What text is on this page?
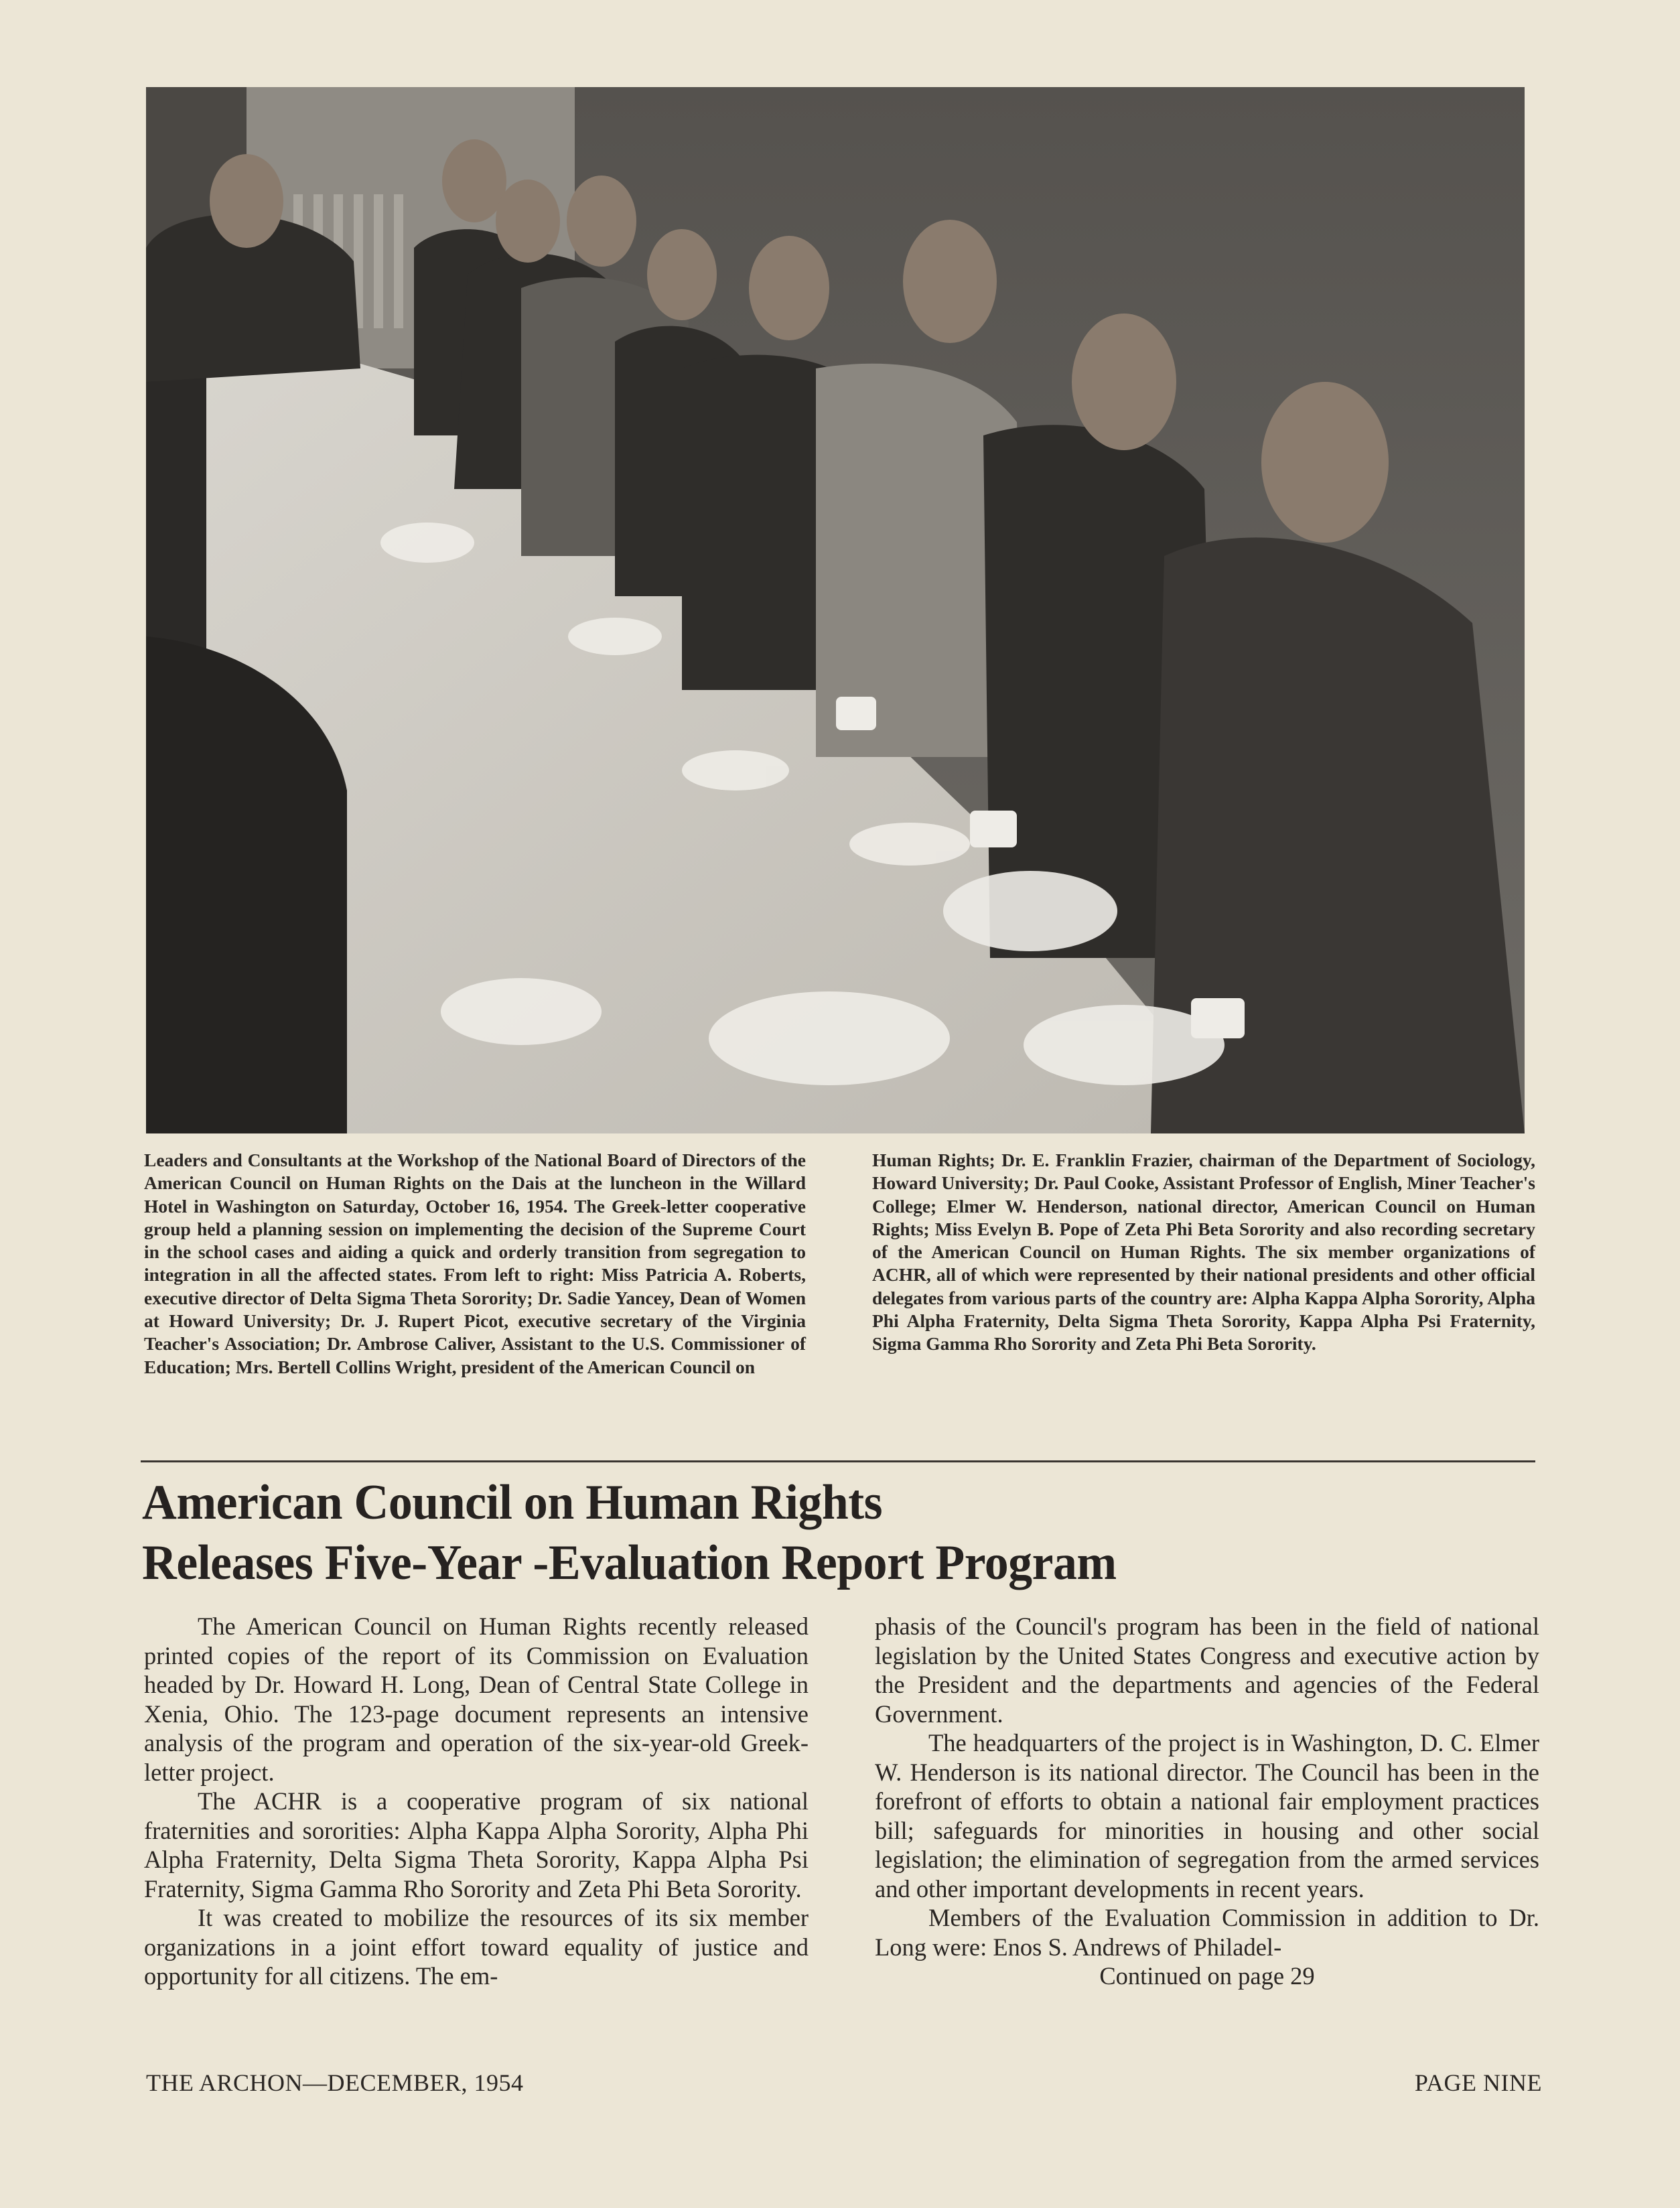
Leaders and Consultants at the Workshop of the National Board of Directors of the American Council on Human Rights on the Dais at the luncheon in the Willard Hotel in Washington on Saturday, October 16, 1954. The Greek-letter cooperative group held a planning session on implementing the decision of the Supreme Court in the school cases and aiding a quick and orderly transition from segregation to integration in all the affected states. From left to right: Miss Patricia A. Roberts, executive director of Delta Sigma Theta Sorority; Dr. Sadie Yancey, Dean of Women at Howard University; Dr. J. Rupert Picot, executive secretary of the Virginia Teacher's Association; Dr. Ambrose Caliver, Assistant to the U.S. Commissioner of Education; Mrs. Bertell Collins Wright, president of the American Council on
Human Rights; Dr. E. Franklin Frazier, chairman of the Department of Sociology, Howard University; Dr. Paul Cooke, Assistant Professor of English, Miner Teacher's College; Elmer W. Henderson, national director, American Council on Human Rights; Miss Evelyn B. Pope of Zeta Phi Beta Sorority and also recording secretary of the American Council on Human Rights. The six member organizations of ACHR, all of which were represented by their national presidents and other official delegates from various parts of the country are: Alpha Kappa Alpha Sorority, Alpha Phi Alpha Fraternity, Delta Sigma Theta Sorority, Kappa Alpha Psi Fraternity, Sigma Gamma Rho Sorority and Zeta Phi Beta Sorority.
American Council on Human Rights
Releases Five-Year -Evaluation Report Program

The American Council on Human Rights recently released printed copies of the report of its Commission on Evaluation headed by Dr. Howard H. Long, Dean of Central State College in Xenia, Ohio. The 123-page document represents an intensive analysis of the program and operation of the six-year-old Greek-letter project.

The ACHR is a cooperative program of six national fraternities and sororities: Alpha Kappa Alpha Sorority, Alpha Phi Alpha Fraternity, Delta Sigma Theta Sorority, Kappa Alpha Psi Fraternity, Sigma Gamma Rho Sorority and Zeta Phi Beta Sorority.

It was created to mobilize the resources of its six member organizations in a joint effort toward equality of justice and opportunity for all citizens. The em-

phasis of the Council's program has been in the field of national legislation by the United States Congress and executive action by the President and the departments and agencies of the Federal Government.

The headquarters of the project is in Washington, D. C. Elmer W. Henderson is its national director. The Council has been in the forefront of efforts to obtain a national fair employment practices bill; safeguards for minorities in housing and other social legislation; the elimination of segregation from the armed services and other important developments in recent years.

Members of the Evaluation Commission in addition to Dr. Long were: Enos S. Andrews of Philadel-

Continued on page 29

THE ARCHON—DECEMBER, 1954	PAGE NINE
